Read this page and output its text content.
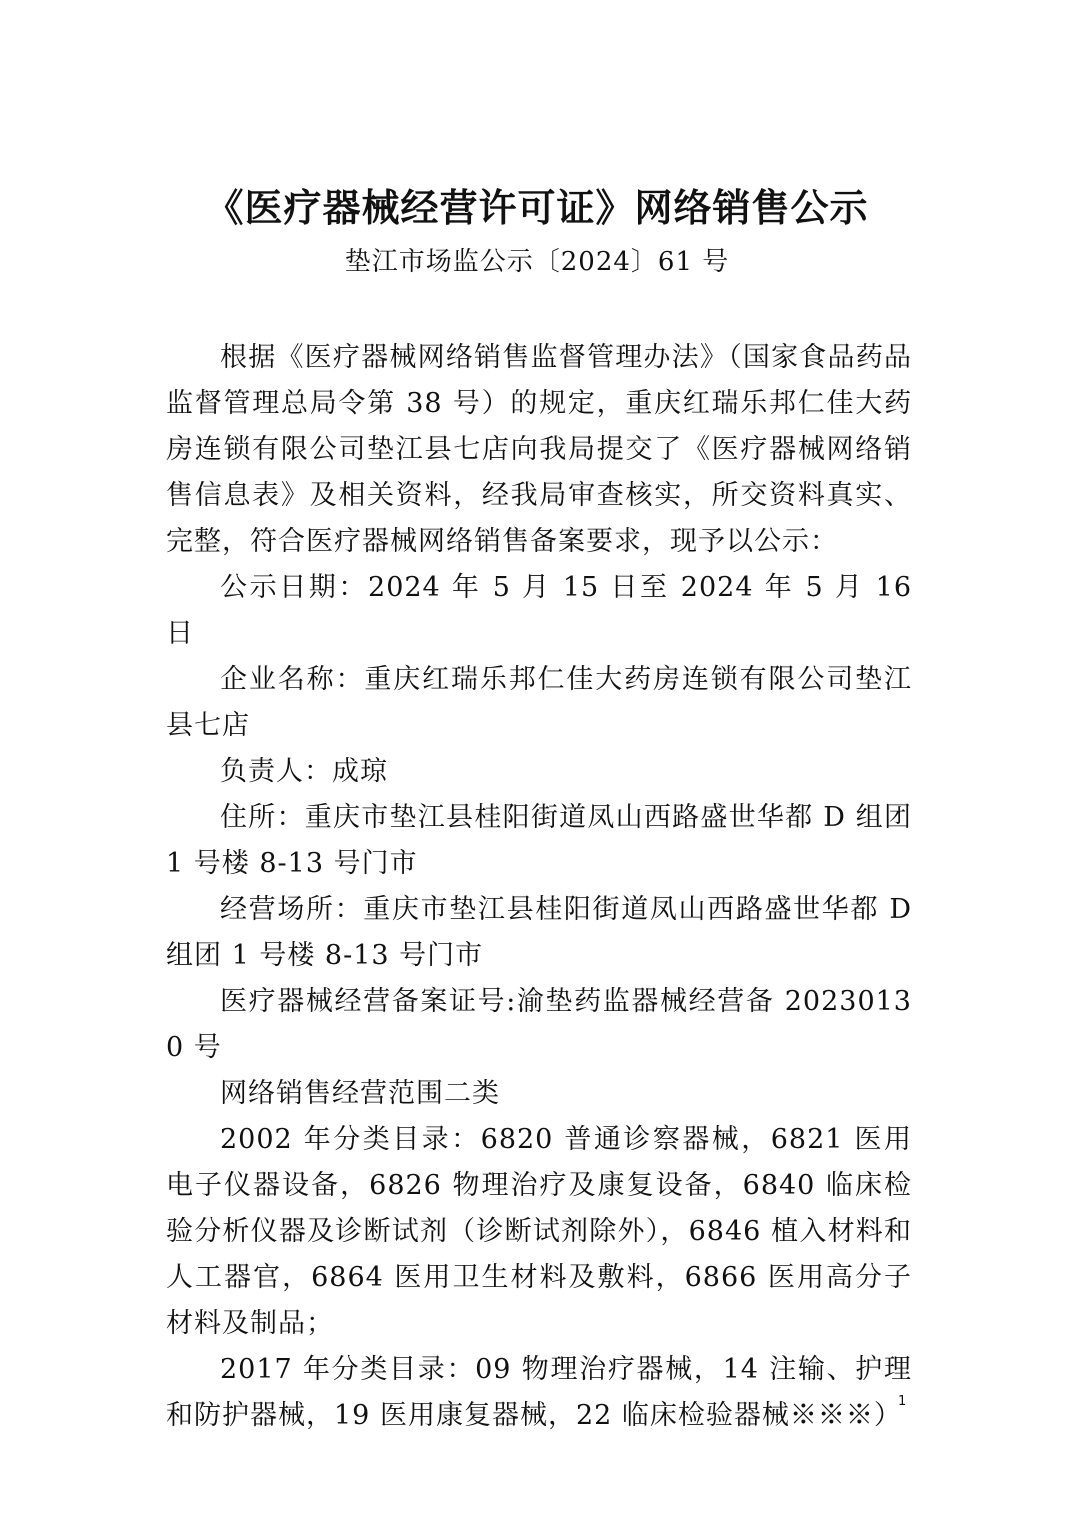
《医疗器械经营许可证》网络销售公示
垫江市场监公示〔2024〕61 号

根据《医疗器械网络销售监督管理办法》（国家食品药品监督管理总局令第 38 号）的规定，重庆红瑞乐邦仁佳大药房连锁有限公司垫江县七店向我局提交了《医疗器械网络销售信息表》及相关资料，经我局审查核实，所交资料真实、完整，符合医疗器械网络销售备案要求，现予以公示：

公示日期：2024 年 5 月 15 日至 2024 年 5 月 16 日

企业名称：重庆红瑞乐邦仁佳大药房连锁有限公司垫江县七店

负责人：成琼

住所：重庆市垫江县桂阳街道凤山西路盛世华都 D 组团 1 号楼 8-13 号门市

经营场所：重庆市垫江县桂阳街道凤山西路盛世华都 D 组团 1 号楼 8-13 号门市

医疗器械经营备案证号:渝垫药监器械经营备 20230130 号

网络销售经营范围二类

2002 年分类目录：6820 普通诊察器械，6821 医用电子仪器设备，6826 物理治疗及康复设备，6840 临床检验分析仪器及诊断试剂（诊断试剂除外），6846 植入材料和人工器官，6864 医用卫生材料及敷料，6866 医用高分子材料及制品；

2017 年分类目录：09 物理治疗器械，14 注输、护理和防护器械，19 医用康复器械，22 临床检验器械※※※）

1
